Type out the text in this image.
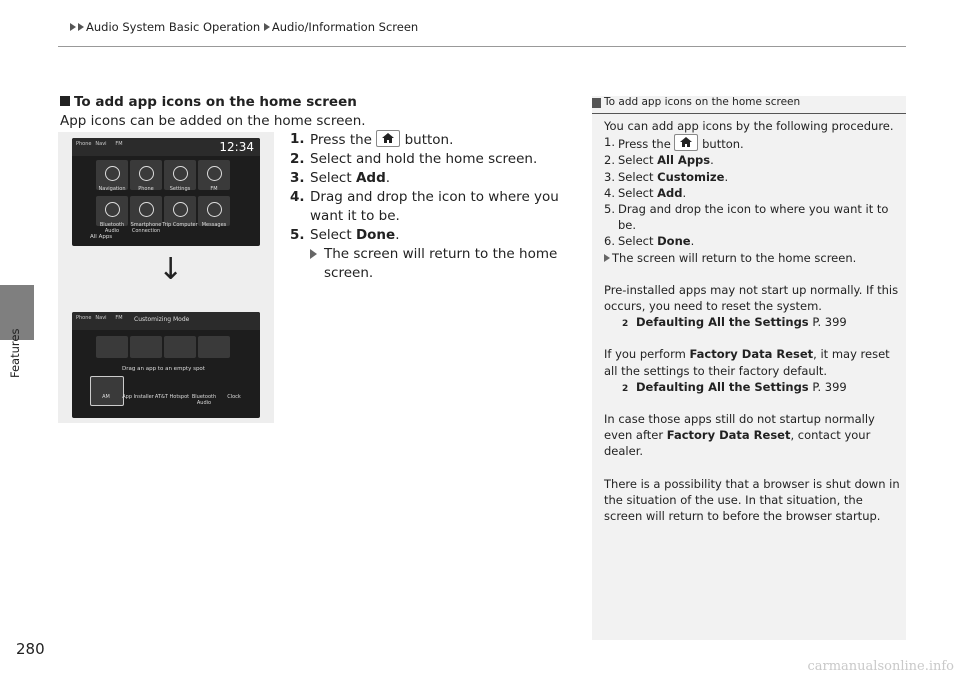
Audio System Basic Operation Audio/Information Screen
Features
280
To add app icons on the home screen
App icons can be added on the home screen.
Phone Navi	FM	12:34
Navigation	Phone	Settings	FM
Bluetooth Audio
Smartphone Connection
Trip Computer Messages
All Apps
↓
Phone Navi	FM	Customizing Mode
Drag an app to an empty spot
AM	App Installer AT&T Hotspot Bluetooth Audio
Clock
1. Press the button.
2. Select and hold the home screen.
3. Select Add.
4. Drag and drop the icon to where you want it to be.
5. Select Done.
The screen will return to the home screen.
To add app icons on the home screen

You can add app icons by the following procedure.

1. Press the	button.
2. Select All Apps.
3. Select Customize.
4. Select Add.
5. Drag and drop the icon to where you want it to be.
6. Select Done.

The screen will return to the home screen.

Pre-installed apps may not start up normally. If this occurs, you need to reset the system.

2 Defaulting All the Settings P. 399

If you perform Factory Data Reset, it may reset all the settings to their factory default.

2 Defaulting All the Settings P. 399

In case those apps still do not startup normally even after Factory Data Reset, contact your dealer.

There is a possibility that a browser is shut down in the situation of the use. In that situation, the screen will return to before the browser startup.

carmanualsonline.info
